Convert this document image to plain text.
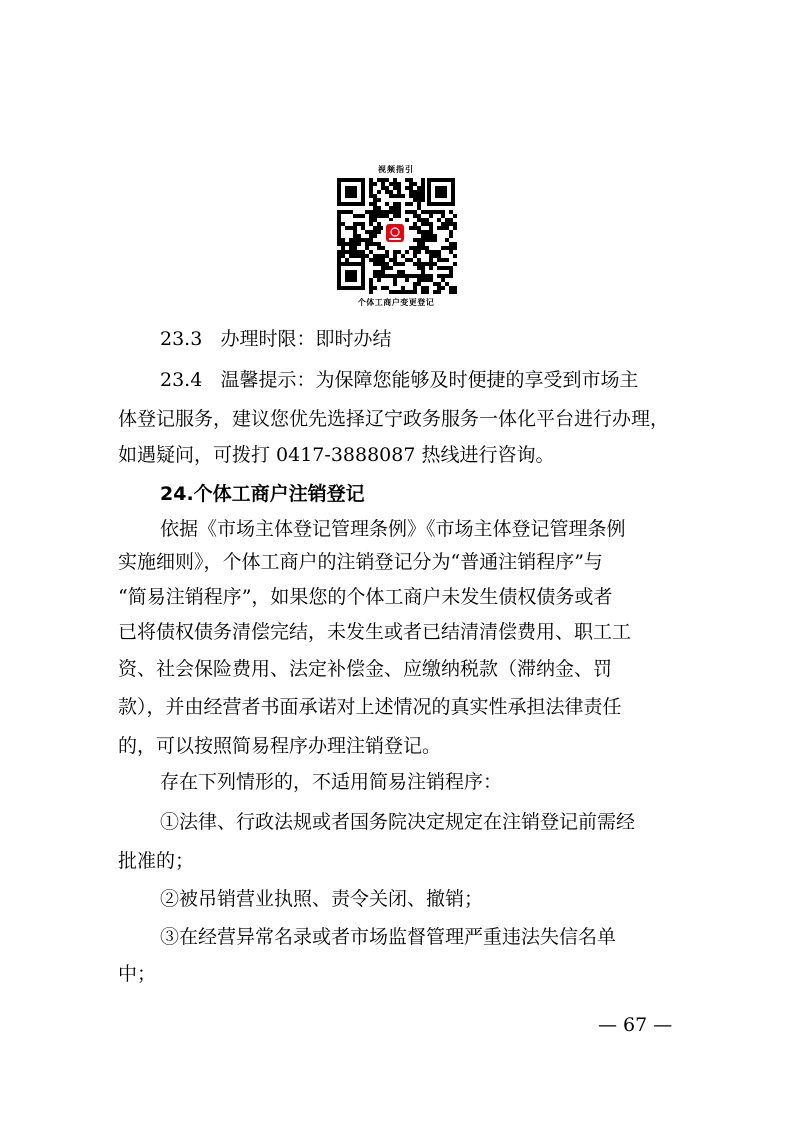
视频指引
个体工商户变更登记
23.3 办理时限：即时办结
23.4 温馨提示：为保障您能够及时便捷的享受到市场主
体登记服务，建议您优先选择辽宁政务服务一体化平台进行办理，
如遇疑问，可拨打 0417-3888087 热线进行咨询。
24.个体工商户注销登记
依据《市场主体登记管理条例》《市场主体登记管理条例
实施细则》，个体工商户的注销登记分为“普通注销程序”与
“简易注销程序”，如果您的个体工商户未发生债权债务或者
已将债权债务清偿完结，未发生或者已结清清偿费用、职工工
资、社会保险费用、法定补偿金、应缴纳税款（滞纳金、罚
款），并由经营者书面承诺对上述情况的真实性承担法律责任
的，可以按照简易程序办理注销登记。
存在下列情形的，不适用简易注销程序：
①法律、行政法规或者国务院决定规定在注销登记前需经
批准的；
②被吊销营业执照、责令关闭、撤销；
③在经营异常名录或者市场监督管理严重违法失信名单
中；
— 67 —
